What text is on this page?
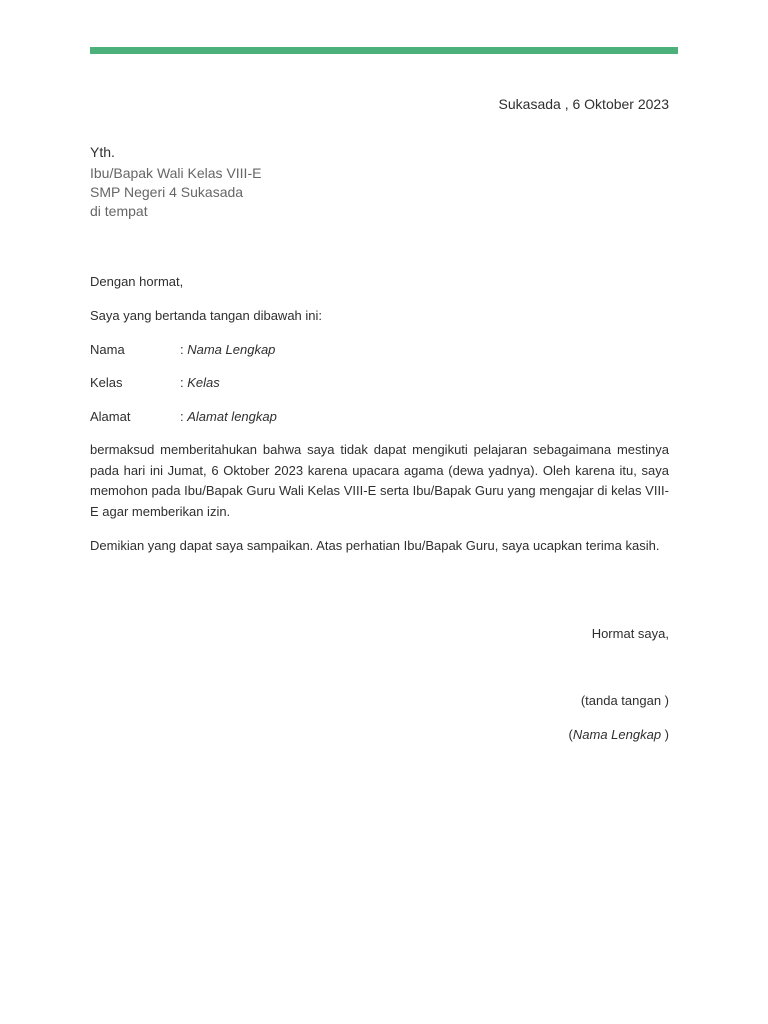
Sukasada , 6 Oktober 2023
Yth.
Ibu/Bapak Wali Kelas VIII-E
SMP Negeri 4 Sukasada
di tempat
Dengan hormat,
Saya yang bertanda tangan dibawah ini:
Nama	: Nama Lengkap
Kelas	: Kelas
Alamat	: Alamat lengkap
bermaksud memberitahukan bahwa saya tidak dapat mengikuti pelajaran sebagaimana mestinya pada hari ini Jumat, 6 Oktober 2023 karena upacara agama (dewa yadnya). Oleh karena itu, saya memohon pada Ibu/Bapak Guru Wali Kelas VIII-E serta Ibu/Bapak Guru yang mengajar di kelas VIII-E agar memberikan izin.
Demikian yang dapat saya sampaikan. Atas perhatian Ibu/Bapak Guru, saya ucapkan terima kasih.
Hormat saya,
(tanda tangan )
(Nama Lengkap )
